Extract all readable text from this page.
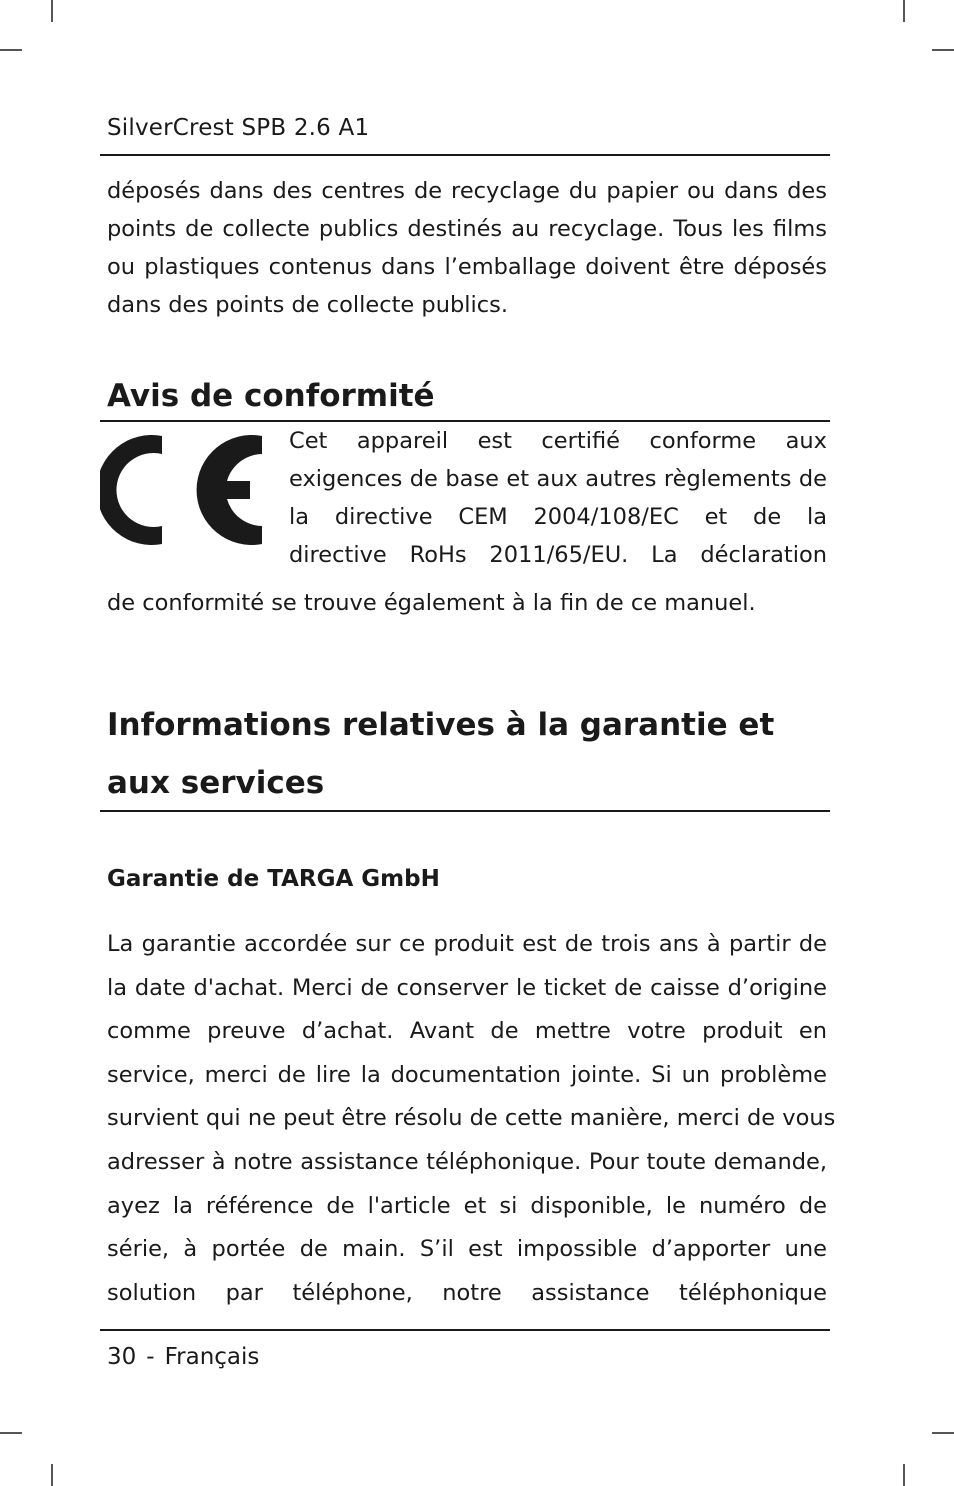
SilverCrest SPB 2.6 A1
déposés dans des centres de recyclage du papier ou dans des
points de collecte publics destinés au recyclage. Tous les films
ou plastiques contenus dans l’emballage doivent être déposés
dans des points de collecte publics.
Avis de conformité
Cet appareil est certifié conforme aux
exigences de base et aux autres règlements de
la directive CEM 2004/108/EC et de la
directive RoHs 2011/65/EU. La déclaration
de conformité se trouve également à la fin de ce manuel.
Informations relatives à la garantie et
aux services
Garantie de TARGA GmbH
La garantie accordée sur ce produit est de trois ans à partir de
la date d'achat. Merci de conserver le ticket de caisse d’origine
comme preuve d’achat. Avant de mettre votre produit en
service, merci de lire la documentation jointe. Si un problème
survient qui ne peut être résolu de cette manière, merci de vous
adresser à notre assistance téléphonique. Pour toute demande,
ayez la référence de l'article et si disponible, le numéro de
série, à portée de main. S’il est impossible d’apporter une
solution par téléphone, notre assistance téléphonique
30 - Français
